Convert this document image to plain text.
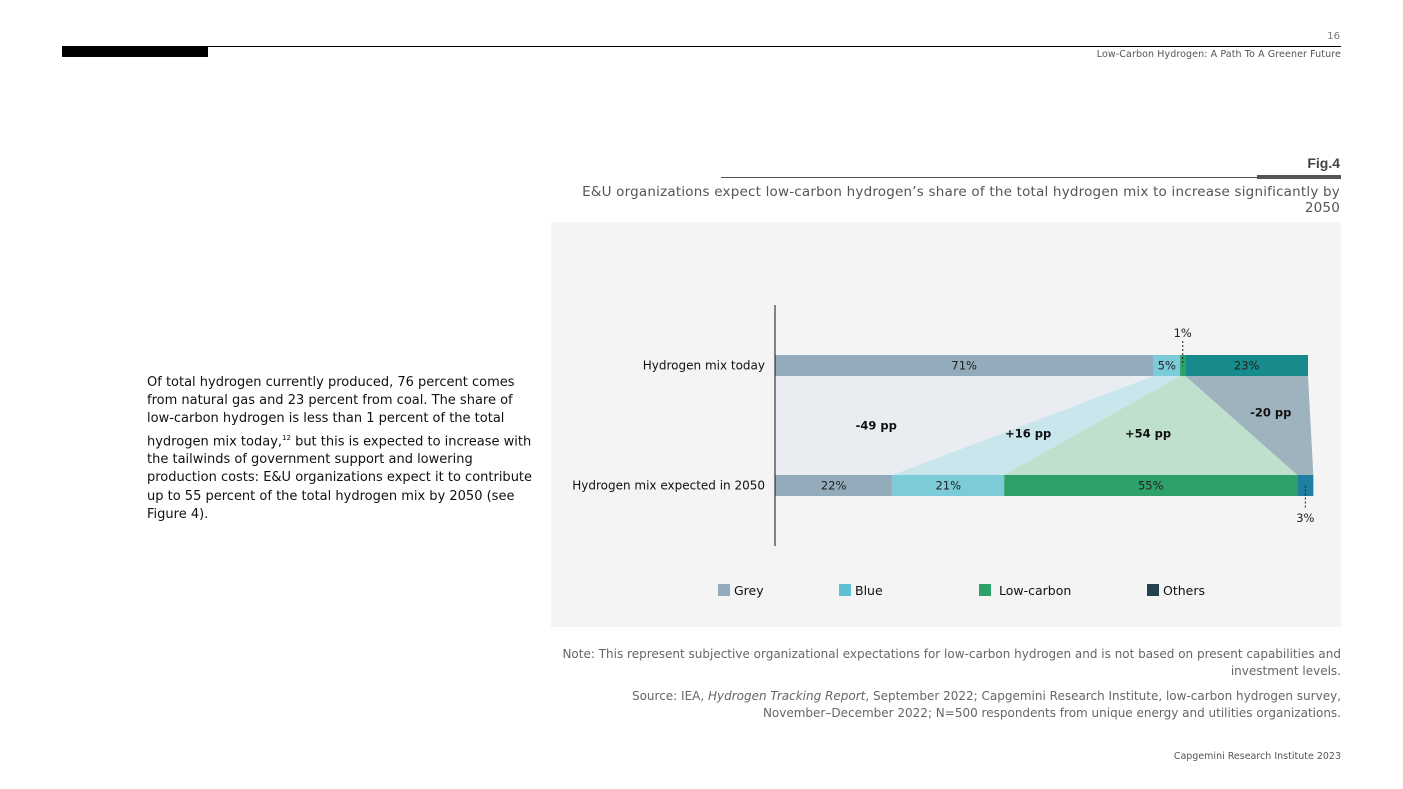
16
Low-Carbon Hydrogen: A Path To A Greener Future
Of total hydrogen currently produced, 76 percent comes from natural gas and 23 percent from coal. The share of low-carbon hydrogen is less than 1 percent of the total hydrogen mix today,$^{12}$ but this is expected to increase with the tailwinds of government support and lowering production costs: E&U organizations expect it to contribute up to 55 percent of the total hydrogen mix by 2050 (see Figure 4).
Fig.4
E&U organizations expect low-carbon hydrogen’s share of the total hydrogen mix to increase significantly by 2050
-49 pp
+16 pp	+54 pp
-20 pp
71%	5%
1%
23%
22%	21%	55%
3%
Hydrogen mix today
Hydrogen mix expected in 2050
Grey	Blue	Low-carbon	Others
Note: This represent subjective organizational expectations for low-carbon hydrogen and is not based on present capabilities and investment levels.
Source: IEA, Hydrogen Tracking Report, September 2022; Capgemini Research Institute, low-carbon hydrogen survey, November–December 2022; N=500 respondents from unique energy and utilities organizations.
Capgemini Research Institute 2023
